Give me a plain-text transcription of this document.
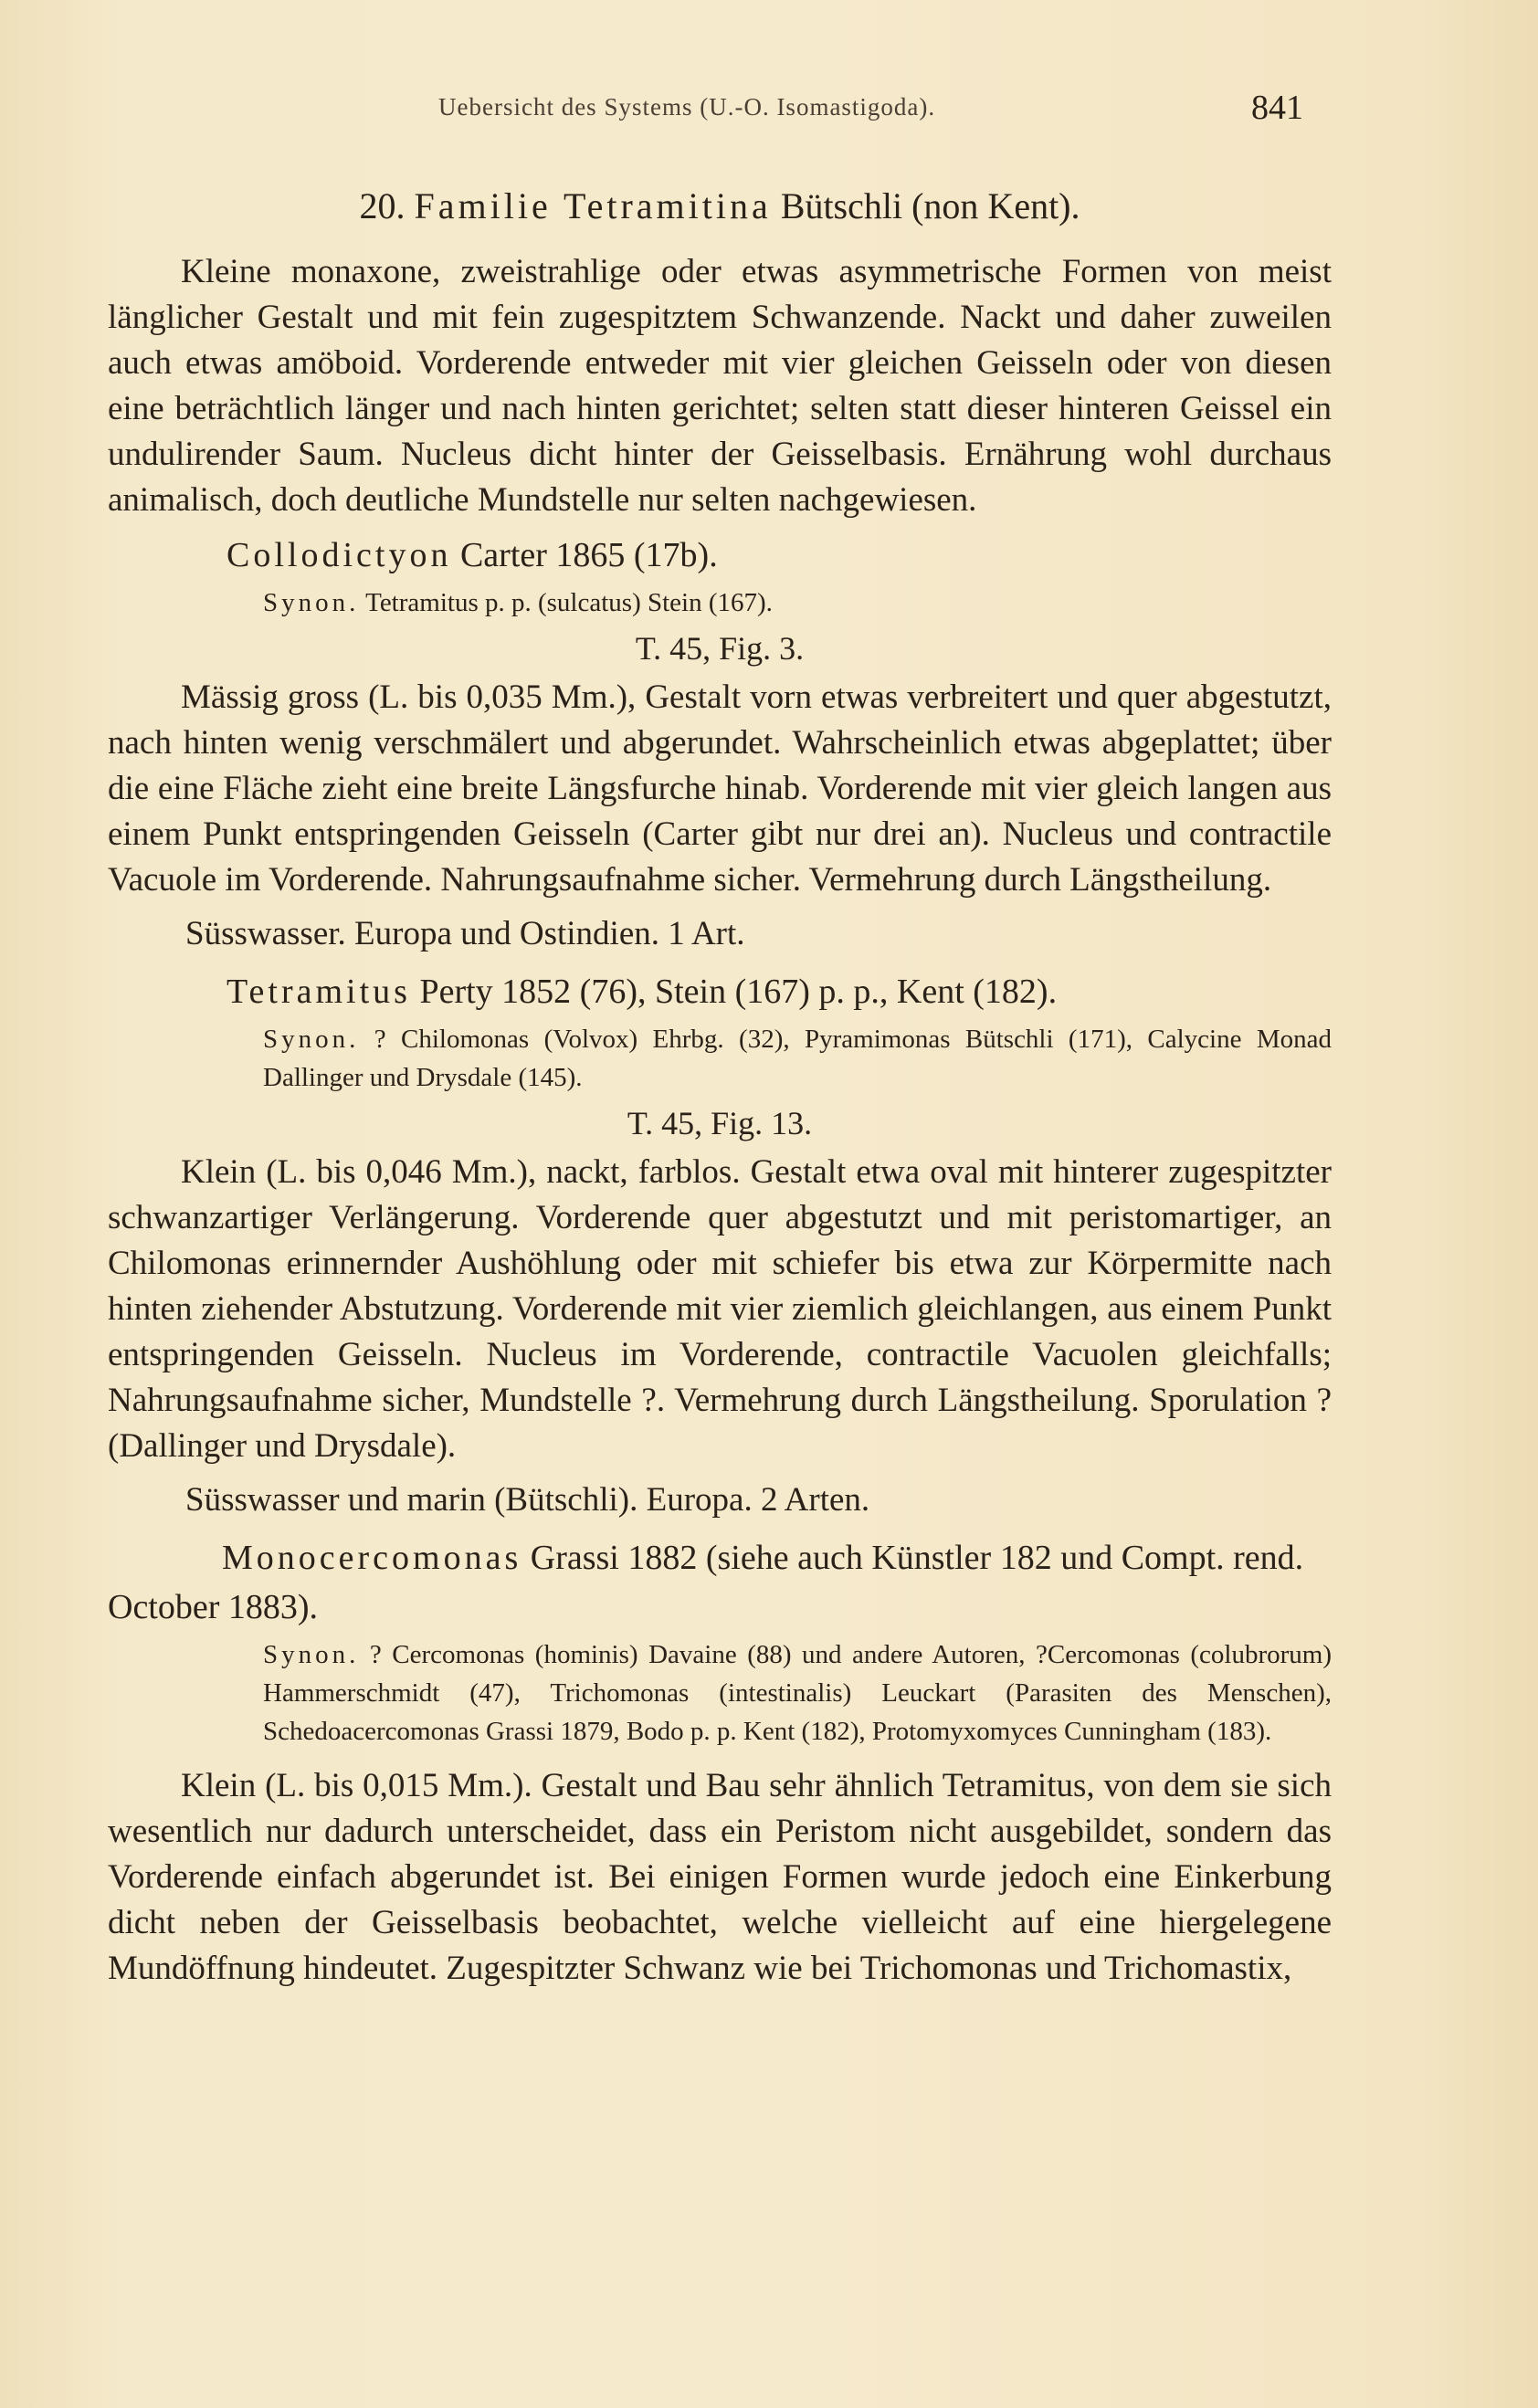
Uebersicht des Systems (U.-O. Isomastigoda).	841
20. Familie Tetramitina Bütschli (non Kent).

Kleine monaxone, zweistrahlige oder etwas asymmetrische Formen von meist länglicher Gestalt und mit fein zugespitztem Schwanzende. Nackt und daher zuweilen auch etwas amöboid. Vorderende entweder mit vier gleichen Geisseln oder von diesen eine beträchtlich länger und nach hinten gerichtet; selten statt dieser hinteren Geissel ein undulirender Saum. Nucleus dicht hinter der Geisselbasis. Ernährung wohl durchaus animalisch, doch deutliche Mundstelle nur selten nachgewiesen.

Collodictyon Carter 1865 (17b).
Synon. Tetramitus p. p. (sulcatus) Stein (167).
T. 45, Fig. 3.

Mässig gross (L. bis 0,035 Mm.), Gestalt vorn etwas verbreitert und quer abgestutzt, nach hinten wenig verschmälert und abgerundet. Wahrscheinlich etwas abgeplattet; über die eine Fläche zieht eine breite Längsfurche hinab. Vorderende mit vier gleich langen aus einem Punkt entspringenden Geisseln (Carter gibt nur drei an). Nucleus und contractile Vacuole im Vorderende. Nahrungsaufnahme sicher. Vermehrung durch Längstheilung.

Süsswasser. Europa und Ostindien. 1 Art.

Tetramitus Perty 1852 (76), Stein (167) p. p., Kent (182).
Synon. ? Chilomonas (Volvox) Ehrbg. (32), Pyramimonas Bütschli (171), Calycine Monad Dallinger und Drysdale (145).
T. 45, Fig. 13.

Klein (L. bis 0,046 Mm.), nackt, farblos. Gestalt etwa oval mit hinterer zugespitzter schwanzartiger Verlängerung. Vorderende quer abgestutzt und mit peristomartiger, an Chilomonas erinnernder Aushöhlung oder mit schiefer bis etwa zur Körpermitte nach hinten ziehender Abstutzung. Vorderende mit vier ziemlich gleichlangen, aus einem Punkt entspringenden Geisseln. Nucleus im Vorderende, contractile Vacuolen gleichfalls; Nahrungsaufnahme sicher, Mundstelle ?. Vermehrung durch Längstheilung. Sporulation ? (Dallinger und Drysdale).

Süsswasser und marin (Bütschli). Europa. 2 Arten.

Monocercomonas Grassi 1882 (siehe auch Künstler 182 und Compt. rend. October 1883).
Synon. ? Cercomonas (hominis) Davaine (88) und andere Autoren, ?Cercomonas (colubrorum) Hammerschmidt (47), Trichomonas (intestinalis) Leuckart (Parasiten des Menschen), Schedoacercomonas Grassi 1879, Bodo p. p. Kent (182), Protomyxomyces Cunningham (183).

Klein (L. bis 0,015 Mm.). Gestalt und Bau sehr ähnlich Tetramitus, von dem sie sich wesentlich nur dadurch unterscheidet, dass ein Peristom nicht ausgebildet, sondern das Vorderende einfach abgerundet ist. Bei einigen Formen wurde jedoch eine Einkerbung dicht neben der Geisselbasis beobachtet, welche vielleicht auf eine hiergelegene Mundöffnung hindeutet. Zugespitzter Schwanz wie bei Trichomonas und Trichomastix,
